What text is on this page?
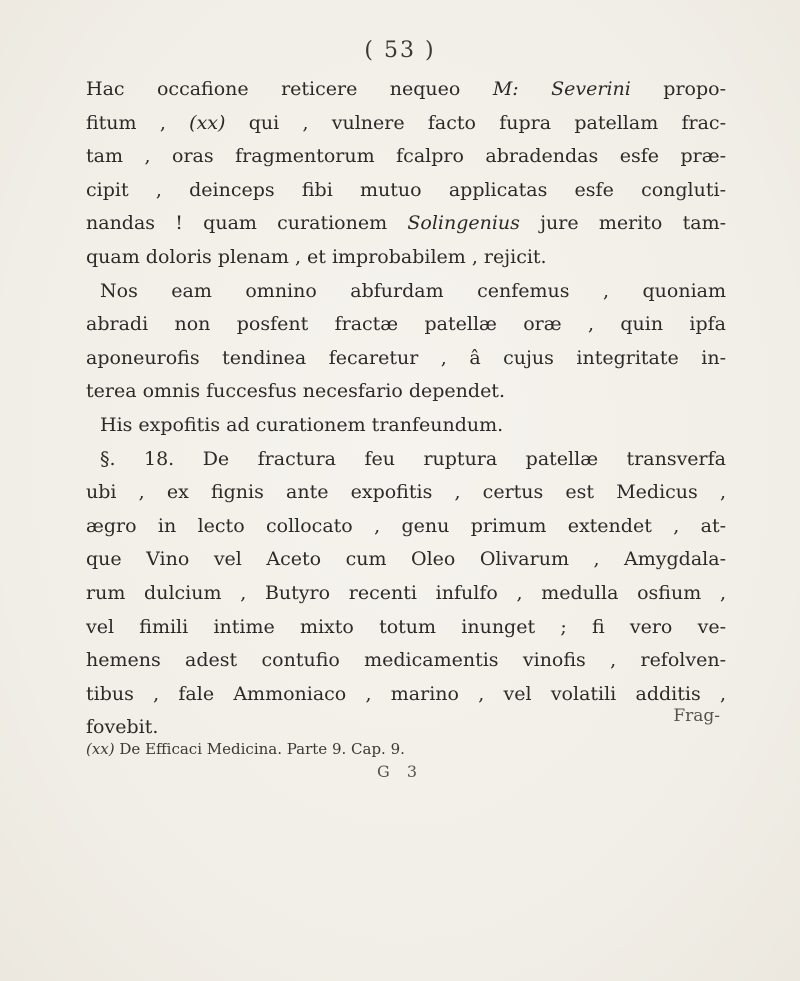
( 53 )
Hac occafione reticere nequeo M: Severini propo-
fitum , (xx) qui , vulnere facto fupra patellam frac-
tam , oras fragmentorum fcalpro abradendas esfe præ-
cipit , deinceps fibi mutuo applicatas esfe congluti-
nandas ! quam curationem Solingenius jure merito tam-
quam doloris plenam , et improbabilem , rejicit.
Nos eam omnino abfurdam cenfemus , quoniam
abradi non posfent fractæ patellæ oræ , quin ipfa
aponeurofis tendinea fecaretur , â cujus integritate in-
terea omnis fuccesfus necesfario dependet.
His expofitis ad curationem tranfeundum.
§. 18. De fractura feu ruptura patellæ transverfa
ubi , ex fignis ante expofitis , certus est Medicus ,
ægro in lecto collocato , genu primum extendet , at-
que Vino vel Aceto cum Oleo Olivarum , Amygdala-
rum dulcium , Butyro recenti infulfo , medulla osfium ,
vel fimili intime mixto totum inunget ; fi vero ve-
hemens adest contufio medicamentis vinofis , refolven-
tibus , fale Ammoniaco , marino , vel volatili additis ,
fovebit.
Frag-
(xx) De Efficaci Medicina. Parte 9. Cap. 9.
G 3
